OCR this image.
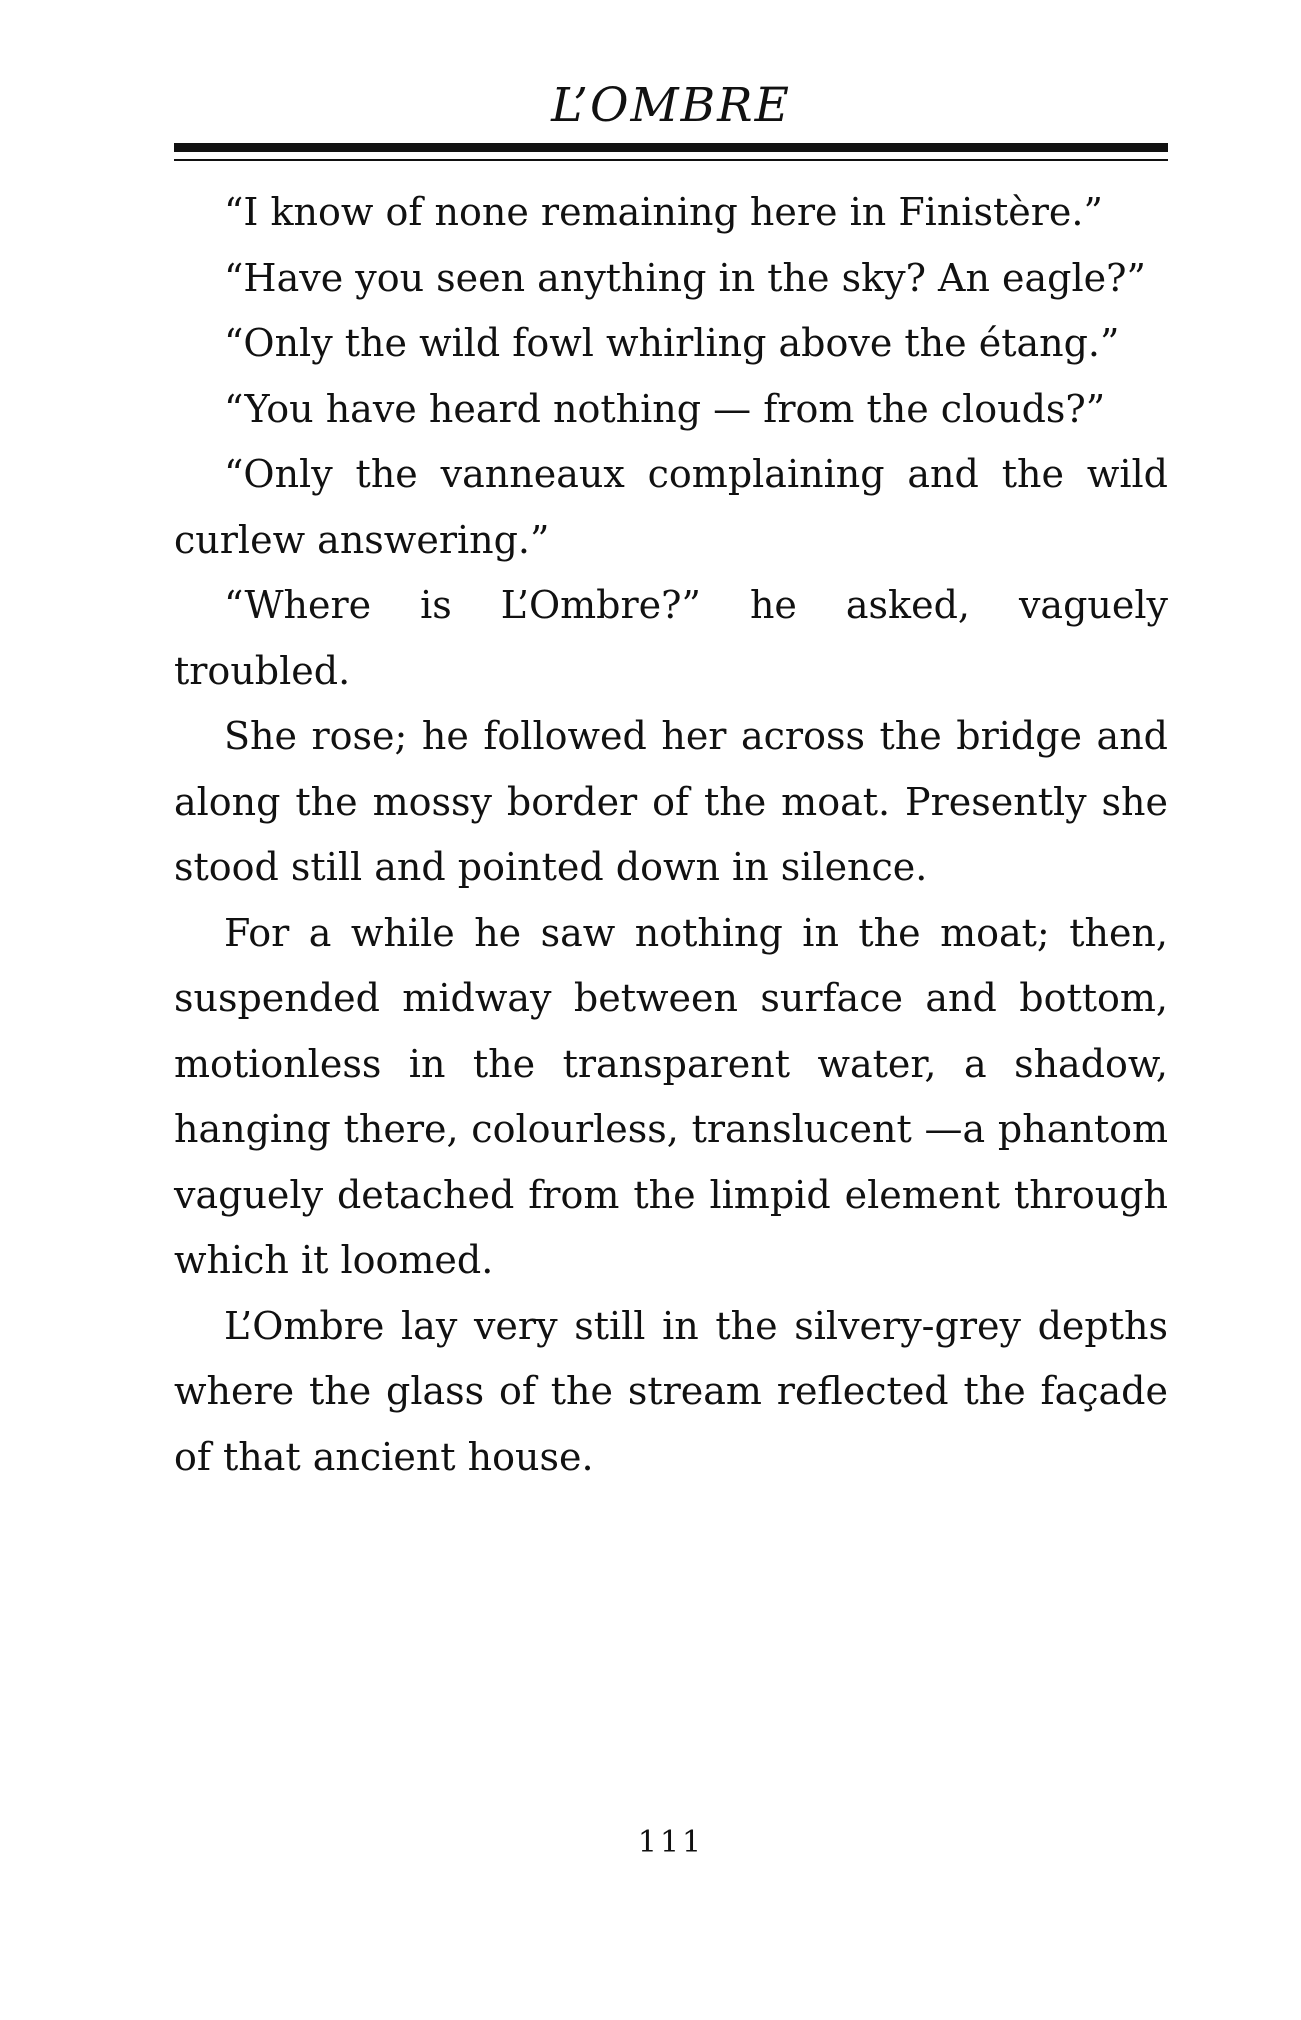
L’OMBRE

“I know of none remaining here in Finistère.”

“Have you seen anything in the sky? An eagle?”

“Only the wild fowl whirling above the étang.”

“You have heard nothing — from the clouds?”

“Only the vanneaux complaining and the wild curlew answering.”

“Where is L’Ombre?” he asked, vaguely troubled.

She rose; he followed her across the bridge and along the mossy border of the moat. Presently she stood still and pointed down in silence.

For a while he saw nothing in the moat; then, suspended midway between surface and bottom, motionless in the transparent water, a shadow, hanging there, colourless, translucent —a phantom vaguely detached from the limpid element through which it loomed.

L’Ombre lay very still in the silvery-grey depths where the glass of the stream reflected the façade of that ancient house.

111
